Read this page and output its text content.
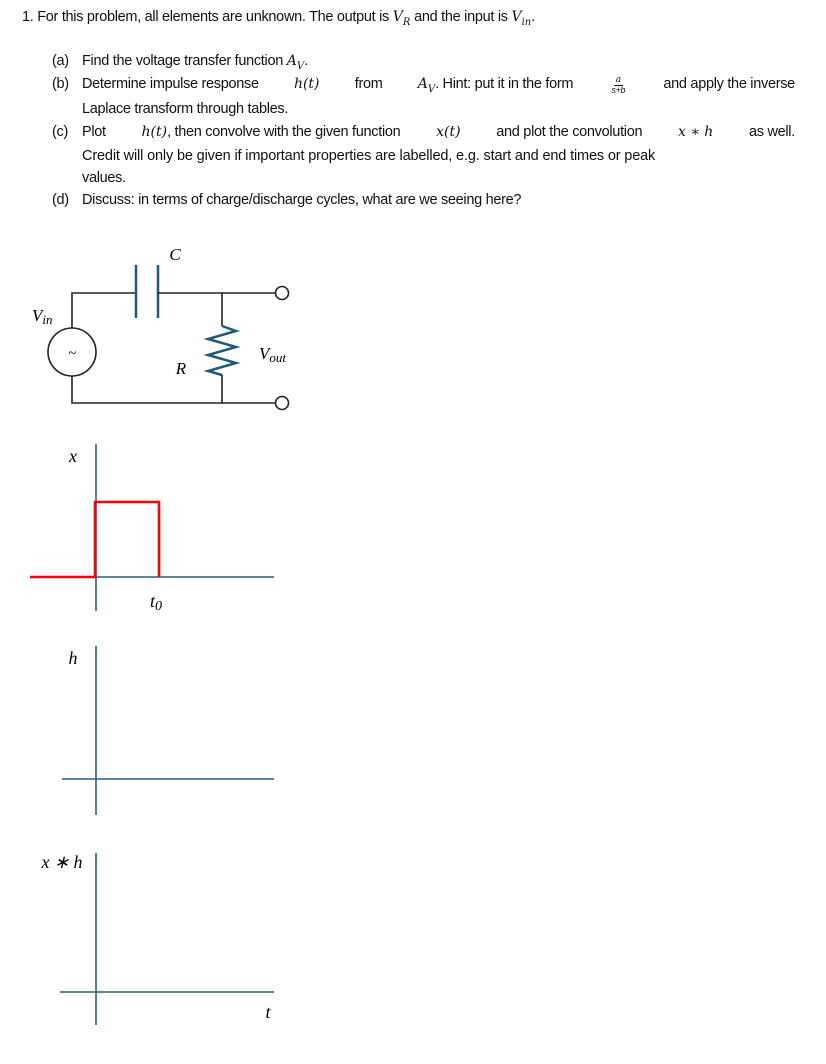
1. For this problem, all elements are unknown. The output is $V_R$ and the input is $V_{in}$.
(a) Find the voltage transfer function $A_V$.
(b) Determine impulse response	h(t) from	$A_V$. Hint: put it in the form	$\frac{a}{s+b}$	and apply the inverse
Laplace transform through tables.
(c) Plot	h(t), then convolve with the given function	x(t) and plot the convolution	x ∗ h as well.
Credit will only be given if important properties are labelled, e.g. start and end times or peak
values.
(d) Discuss: in terms of charge/discharge cycles, what are we seeing here?
~
C
R
Vin
Vout
x
t0
h
x ∗ h
t
